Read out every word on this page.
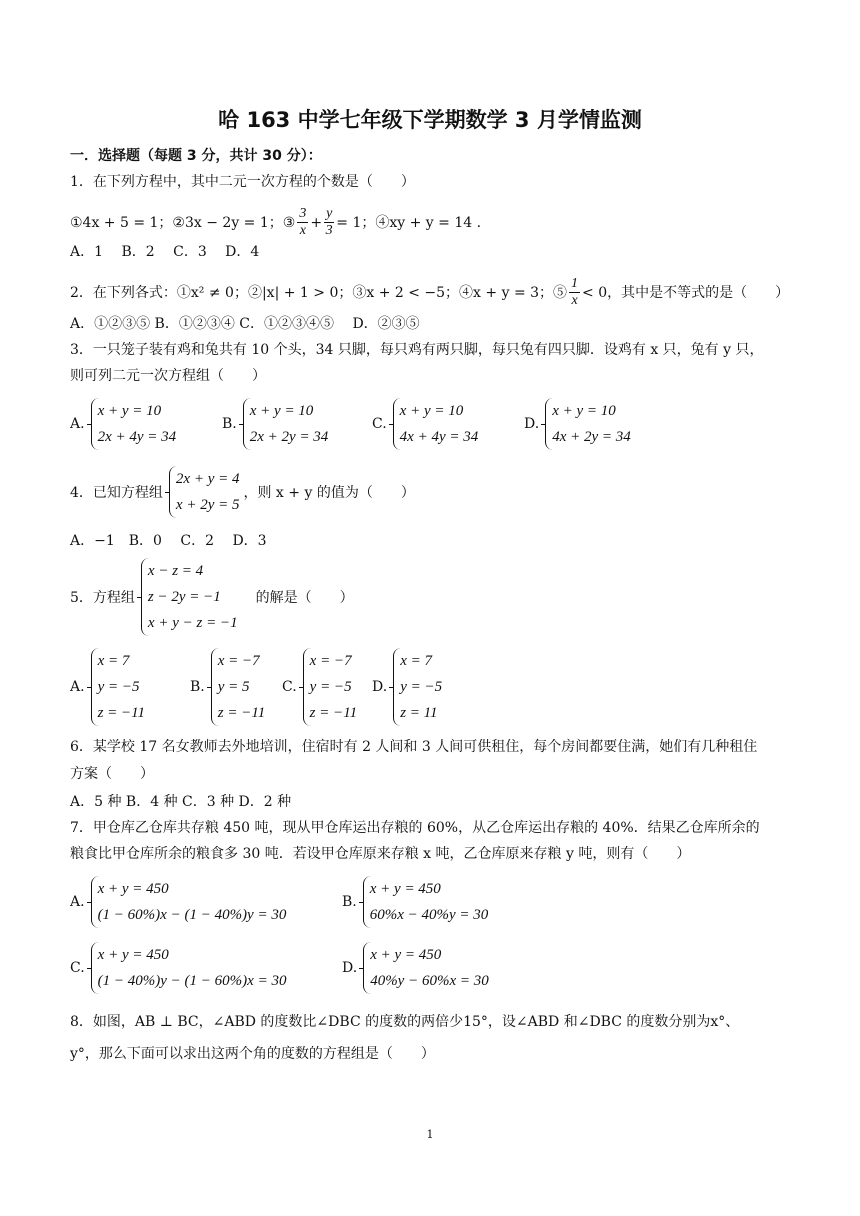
哈 163 中学七年级下学期数学 3 月学情监测
一．选择题（每题 3 分，共计 30 分）：
1．在下列方程中，其中二元一次方程的个数是（　　）
①4x + 5 = 1；②3x − 2y = 1；③ $\frac{3}{x} + \frac{y}{3} = 1$；④xy + y = 14 .
A．1　 B．2　 C．3　 D．4
2．在下列各式：①x² ≠ 0；②|x| + 1 > 0；③x + 2 < −5；④x + y = 3；⑤ $\frac{1}{x} < 0$，其中是不等式的是（　　）
A．①②③⑤ B．①②③④ C．①②③④⑤　 D．②③⑤
3．一只笼子装有鸡和兔共有 10 个头，34 只脚，每只鸡有两只脚，每只兔有四只脚．设鸡有 x 只，兔有 y 只，
则可列二元一次方程组（　　）
A.
x + y = 10
2x + 4y = 34
B.
x + y = 10
2x + 2y = 34
C.
x + y = 10
4x + 4y = 34
D.
x + y = 10
4x + 2y = 34
4．已知方程组
2x + y = 4
x + 2y = 5
，则 x + y 的值为（　　）
A．−1　B．0　 C．2　 D．3
5．方程组
x − z = 4
z − 2y = −1
x + y − z = −1
的解是（　　）
A.
x = 7
y = −5
z = −11
B.
x = −7
y = 5
z = −11
C.
x = −7
y = −5
z = −11
D.
x = 7
y = −5
z = 11
6．某学校 17 名女教师去外地培训，住宿时有 2 人间和 3 人间可供租住，每个房间都要住满，她们有几种租住
方案（　　）
A．5 种 B．4 种 C．3 种 D．2 种
7．甲仓库乙仓库共存粮 450 吨，现从甲仓库运出存粮的 60%，从乙仓库运出存粮的 40%．结果乙仓库所余的
粮食比甲仓库所余的粮食多 30 吨．若设甲仓库原来存粮 x 吨，乙仓库原来存粮 y 吨，则有（　　）
A.
x + y = 450
(1 − 60%)x − (1 − 40%)y = 30
B.
x + y = 450
60%x − 40%y = 30
C.
x + y = 450
(1 − 40%)y − (1 − 60%)x = 30
D.
x + y = 450
40%y − 60%x = 30
8．如图，AB ⊥ BC，∠ABD 的度数比∠DBC 的度数的两倍少15°，设∠ABD 和∠DBC 的度数分别为x°、
y°，那么下面可以求出这两个角的度数的方程组是（　　）
1
